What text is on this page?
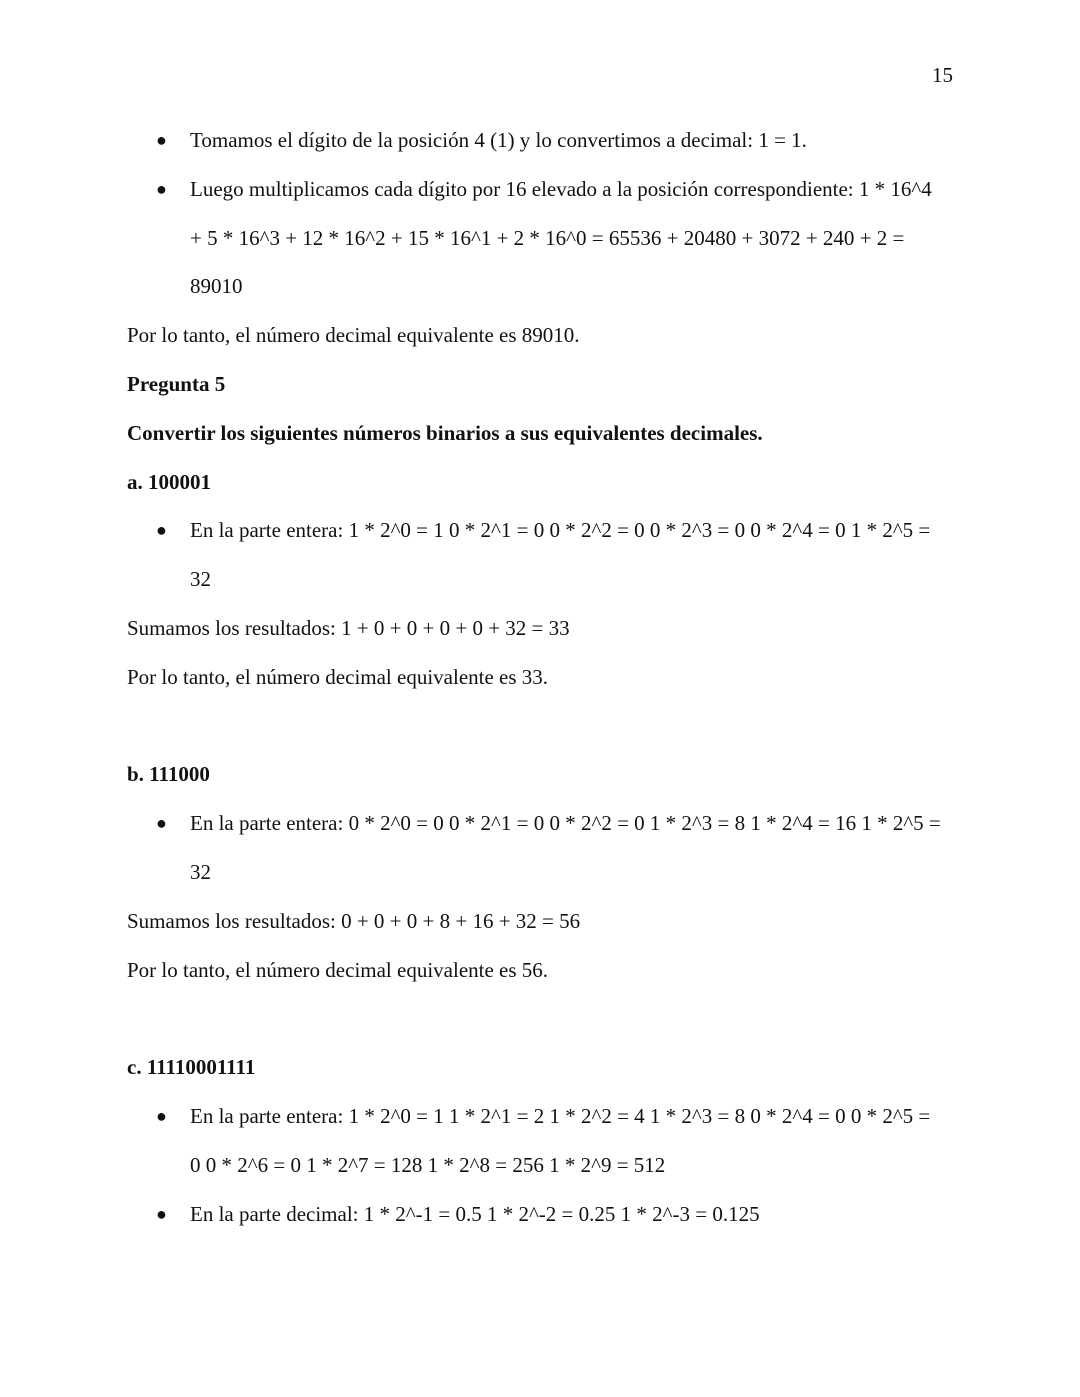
15
● Tomamos el dígito de la posición 4 (1) y lo convertimos a decimal: 1 = 1.
● Luego multiplicamos cada dígito por 16 elevado a la posición correspondiente: 1 * 16^4
+ 5 * 16^3 + 12 * 16^2 + 15 * 16^1 + 2 * 16^0 = 65536 + 20480 + 3072 + 240 + 2 =
89010
Por lo tanto, el número decimal equivalente es 89010.
Pregunta 5
Convertir los siguientes números binarios a sus equivalentes decimales.
a. 100001
● En la parte entera: 1 * 2^0 = 1 0 * 2^1 = 0 0 * 2^2 = 0 0 * 2^3 = 0 0 * 2^4 = 0 1 * 2^5 =
32
Sumamos los resultados: 1 + 0 + 0 + 0 + 0 + 32 = 33
Por lo tanto, el número decimal equivalente es 33.
b. 111000
● En la parte entera: 0 * 2^0 = 0 0 * 2^1 = 0 0 * 2^2 = 0 1 * 2^3 = 8 1 * 2^4 = 16 1 * 2^5 =
32
Sumamos los resultados: 0 + 0 + 0 + 8 + 16 + 32 = 56
Por lo tanto, el número decimal equivalente es 56.
c. 11110001111
● En la parte entera: 1 * 2^0 = 1 1 * 2^1 = 2 1 * 2^2 = 4 1 * 2^3 = 8 0 * 2^4 = 0 0 * 2^5 =
0 0 * 2^6 = 0 1 * 2^7 = 128 1 * 2^8 = 256 1 * 2^9 = 512
● En la parte decimal: 1 * 2^-1 = 0.5 1 * 2^-2 = 0.25 1 * 2^-3 = 0.125
